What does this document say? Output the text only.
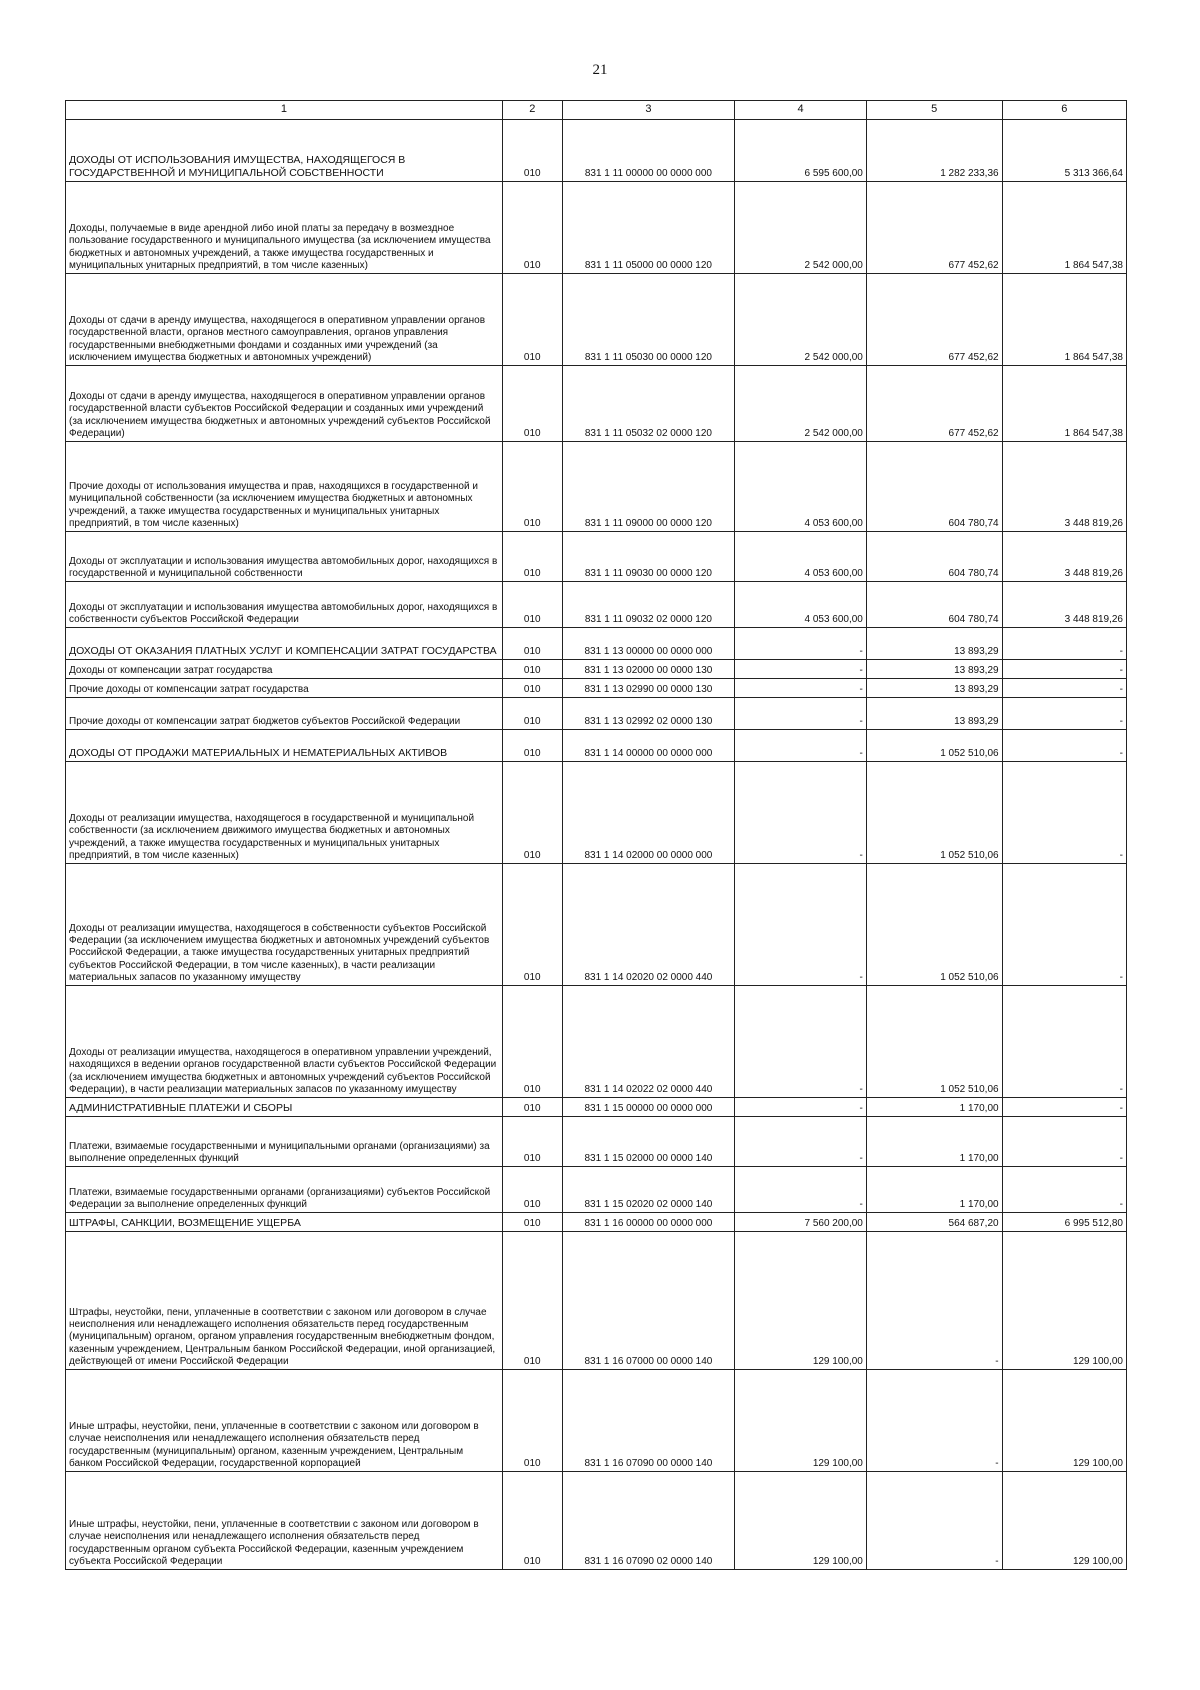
21
1	2	3	4	5	6
ДОХОДЫ ОТ ИСПОЛЬЗОВАНИЯ ИМУЩЕСТВА, НАХОДЯЩЕГОСЯ В ГОСУДАРСТВЕННОЙ И МУНИЦИПАЛЬНОЙ СОБСТВЕННОСТИ	010	831 1 11 00000 00 0000 000	6 595 600,00	1 282 233,36	5 313 366,64
Доходы, получаемые в виде арендной либо иной платы за передачу в возмездное пользование государственного и муниципального имущества (за исключением имущества бюджетных и автономных учреждений, а также имущества государственных и муниципальных унитарных предприятий, в том числе казенных)	010	831 1 11 05000 00 0000 120	2 542 000,00	677 452,62	1 864 547,38
Доходы от сдачи в аренду имущества, находящегося в оперативном управлении органов государственной власти, органов местного самоуправления, органов управления государственными внебюджетными фондами и созданных ими учреждений (за исключением имущества бюджетных и автономных учреждений)	010	831 1 11 05030 00 0000 120	2 542 000,00	677 452,62	1 864 547,38
Доходы от сдачи в аренду имущества, находящегося в оперативном управлении органов государственной власти субъектов Российской Федерации и созданных ими учреждений (за исключением имущества бюджетных и автономных учреждений субъектов Российской Федерации)	010	831 1 11 05032 02 0000 120	2 542 000,00	677 452,62	1 864 547,38
Прочие доходы от использования имущества и прав, находящихся в государственной и муниципальной собственности (за исключением имущества бюджетных и автономных учреждений, а также имущества государственных и муниципальных унитарных предприятий, в том числе казенных)	010	831 1 11 09000 00 0000 120	4 053 600,00	604 780,74	3 448 819,26
Доходы от эксплуатации и использования имущества автомобильных дорог, находящихся в государственной и муниципальной собственности	010	831 1 11 09030 00 0000 120	4 053 600,00	604 780,74	3 448 819,26
Доходы от эксплуатации и использования имущества автомобильных дорог, находящихся в собственности субъектов Российской Федерации	010	831 1 11 09032 02 0000 120	4 053 600,00	604 780,74	3 448 819,26
ДОХОДЫ ОТ ОКАЗАНИЯ ПЛАТНЫХ УСЛУГ И КОМПЕНСАЦИИ ЗАТРАТ ГОСУДАРСТВА	010	831 1 13 00000 00 0000 000	-	13 893,29	-
Доходы от компенсации затрат государства	010	831 1 13 02000 00 0000 130	-	13 893,29	-
Прочие доходы от компенсации затрат государства	010	831 1 13 02990 00 0000 130	-	13 893,29	-
Прочие доходы от компенсации затрат бюджетов субъектов Российской Федерации	010	831 1 13 02992 02 0000 130	-	13 893,29	-
ДОХОДЫ ОТ ПРОДАЖИ МАТЕРИАЛЬНЫХ И НЕМАТЕРИАЛЬНЫХ АКТИВОВ	010	831 1 14 00000 00 0000 000	-	1 052 510,06	-
Доходы от реализации имущества, находящегося в государственной и муниципальной собственности (за исключением движимого имущества бюджетных и автономных учреждений, а также имущества государственных и муниципальных унитарных предприятий, в том числе казенных)	010	831 1 14 02000 00 0000 000	-	1 052 510,06	-
Доходы от реализации имущества, находящегося в собственности субъектов Российской Федерации (за исключением имущества бюджетных и автономных учреждений субъектов Российской Федерации, а также имущества государственных унитарных предприятий субъектов Российской Федерации, в том числе казенных), в части реализации материальных запасов по указанному имуществу	010	831 1 14 02020 02 0000 440	-	1 052 510,06	-
Доходы от реализации имущества, находящегося в оперативном управлении учреждений, находящихся в ведении органов государственной власти субъектов Российской Федерации (за исключением имущества бюджетных и автономных учреждений субъектов Российской Федерации), в части реализации материальных запасов по указанному имуществу	010	831 1 14 02022 02 0000 440	-	1 052 510,06	-
АДМИНИСТРАТИВНЫЕ ПЛАТЕЖИ И СБОРЫ	010	831 1 15 00000 00 0000 000	-	1 170,00	-
Платежи, взимаемые государственными и муниципальными органами (организациями) за выполнение определенных функций	010	831 1 15 02000 00 0000 140	-	1 170,00	-
Платежи, взимаемые государственными органами (организациями) субъектов Российской Федерации за выполнение определенных функций	010	831 1 15 02020 02 0000 140	-	1 170,00	-
ШТРАФЫ, САНКЦИИ, ВОЗМЕЩЕНИЕ УЩЕРБА	010	831 1 16 00000 00 0000 000	7 560 200,00	564 687,20	6 995 512,80
Штрафы, неустойки, пени, уплаченные в соответствии с законом или договором в случае неисполнения или ненадлежащего исполнения обязательств перед государственным (муниципальным) органом, органом управления государственным внебюджетным фондом, казенным учреждением, Центральным банком Российской Федерации, иной организацией, действующей от имени Российской Федерации	010	831 1 16 07000 00 0000 140	129 100,00	-	129 100,00
Иные штрафы, неустойки, пени, уплаченные в соответствии с законом или договором в случае неисполнения или ненадлежащего исполнения обязательств перед государственным (муниципальным) органом, казенным учреждением, Центральным банком Российской Федерации, государственной корпорацией	010	831 1 16 07090 00 0000 140	129 100,00	-	129 100,00
Иные штрафы, неустойки, пени, уплаченные в соответствии с законом или договором в случае неисполнения или ненадлежащего исполнения обязательств перед государственным органом субъекта Российской Федерации, казенным учреждением субъекта Российской Федерации	010	831 1 16 07090 02 0000 140	129 100,00	-	129 100,00
